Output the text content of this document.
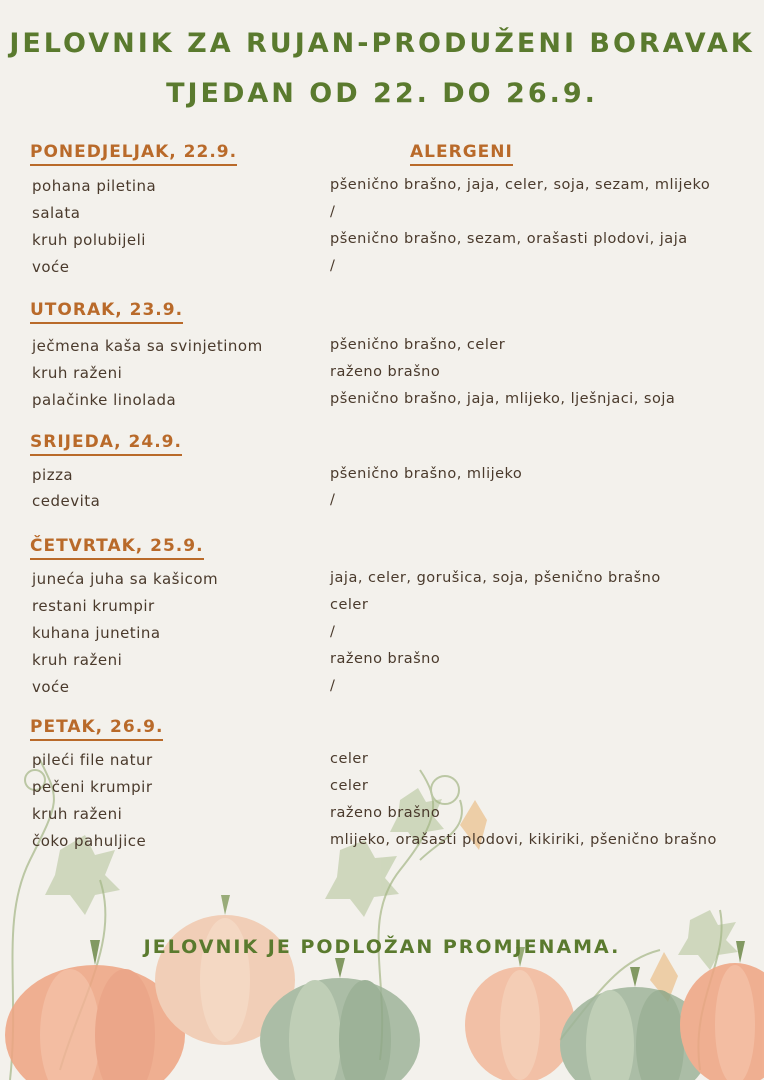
JELOVNIK ZA RUJAN-PRODUŽENI BORAVAK
TJEDAN OD 22. DO 26.9.
ALERGENI
PONEDJELJAK, 22.9.
pohana piletina	pšenično brašno, jaja, celer, soja, sezam, mlijeko
salata	/
kruh polubijeli	pšenično brašno, sezam, orašasti plodovi, jaja
voće	/
UTORAK, 23.9.
ječmena kaša sa svinjetinom	pšenično brašno, celer
kruh raženi	raženo brašno
palačinke linolada	pšenično brašno, jaja, mlijeko, lješnjaci, soja
SRIJEDA, 24.9.
pizza	pšenično brašno, mlijeko
cedevita	/
ČETVRTAK, 25.9.
juneća juha sa kašicom	jaja, celer, gorušica, soja, pšenično brašno
restani krumpir	celer
kuhana junetina	/
kruh raženi	raženo brašno
voće	/
PETAK, 26.9.
pileći file natur	celer
pečeni krumpir	celer
kruh raženi	raženo brašno
čoko pahuljice	mlijeko, orašasti plodovi, kikiriki, pšenično brašno
JELOVNIK JE PODLOŽAN PROMJENAMA.
